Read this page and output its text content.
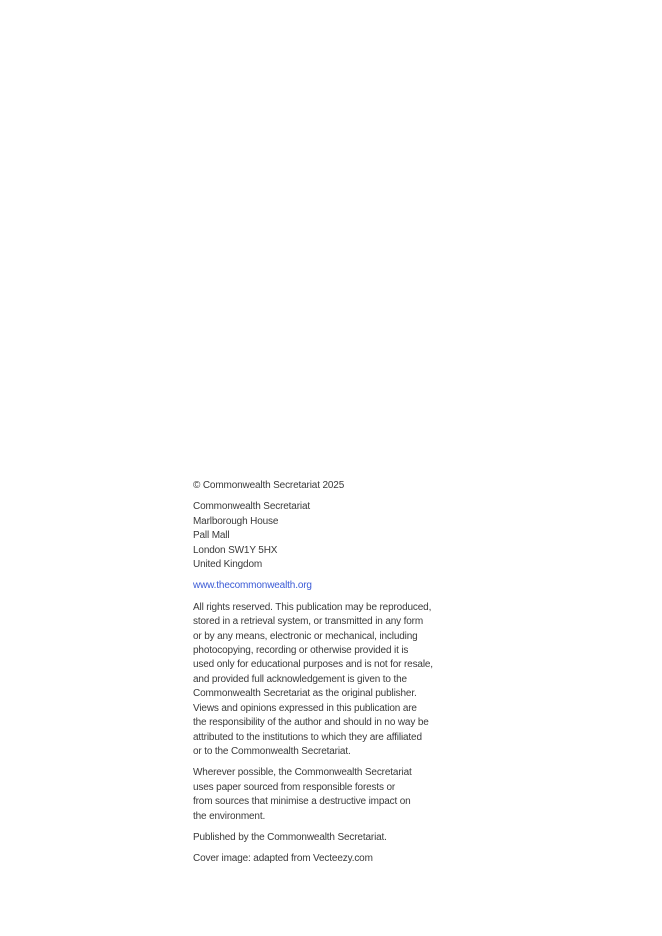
© Commonwealth Secretariat 2025

Commonwealth Secretariat
Marlborough House
Pall Mall
London SW1Y 5HX
United Kingdom

www.thecommonwealth.org

All rights reserved. This publication may be reproduced,
stored in a retrieval system, or transmitted in any form
or by any means, electronic or mechanical, including
photocopying, recording or otherwise provided it is
used only for educational purposes and is not for resale,
and provided full acknowledgement is given to the
Commonwealth Secretariat as the original publisher.
Views and opinions expressed in this publication are
the responsibility of the author and should in no way be
attributed to the institutions to which they are affiliated
or to the Commonwealth Secretariat.

Wherever possible, the Commonwealth Secretariat
uses paper sourced from responsible forests or
from sources that minimise a destructive impact on
the environment.

Published by the Commonwealth Secretariat.

Cover image: adapted from Vecteezy.com
